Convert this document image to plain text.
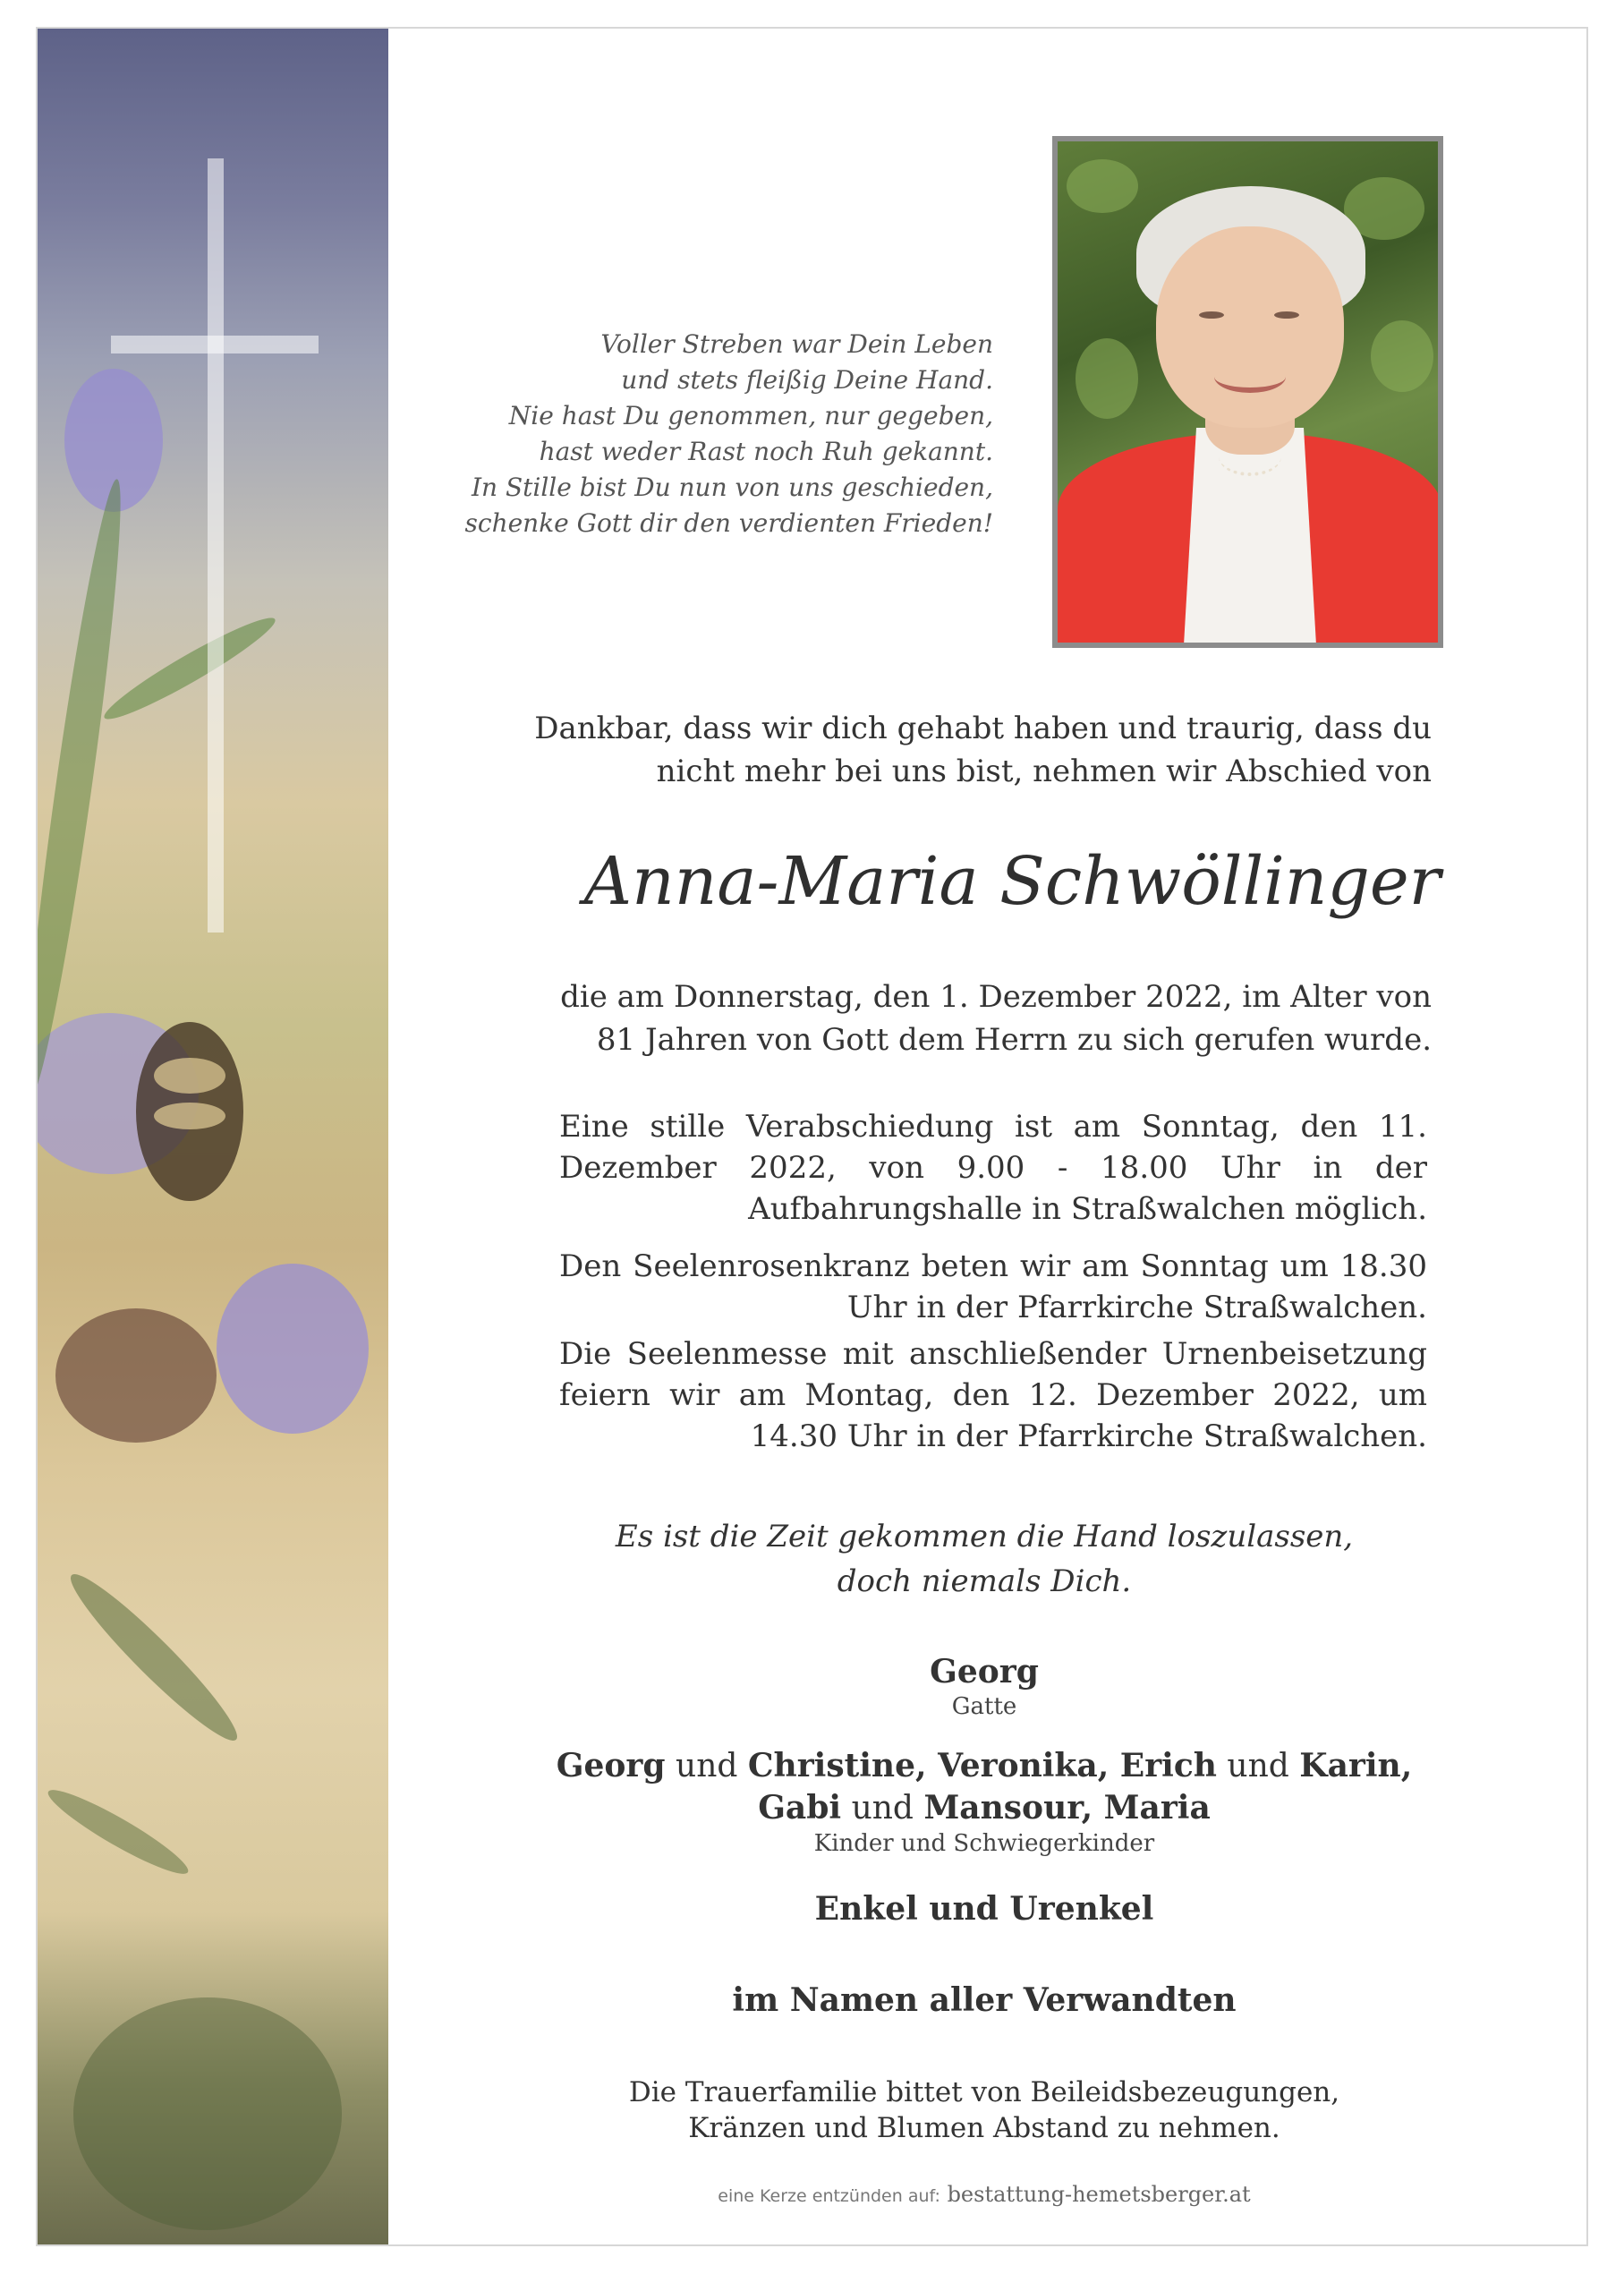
Voller Streben war Dein Leben
und stets fleißig Deine Hand.
Nie hast Du genommen, nur gegeben,
hast weder Rast noch Ruh gekannt.
In Stille bist Du nun von uns geschieden,
schenke Gott dir den verdienten Frieden!
Dankbar, dass wir dich gehabt haben und traurig, dass du
nicht mehr bei uns bist, nehmen wir Abschied von
Anna-Maria Schwöllinger
die am Donnerstag, den 1. Dezember 2022, im Alter von
81 Jahren von Gott dem Herrn zu sich gerufen wurde.
Eine stille Verabschiedung ist am Sonntag, den 11. Dezember 2022, von 9.00 - 18.00 Uhr in der Aufbahrungshalle in Straßwalchen möglich.
Den Seelenrosenkranz beten wir am Sonntag um 18.30 Uhr in der Pfarrkirche Straßwalchen.
Die Seelenmesse mit anschließender Urnenbeisetzung feiern wir am Montag, den 12. Dezember 2022, um 14.30 Uhr in der Pfarrkirche Straßwalchen.
Es ist die Zeit gekommen die Hand loszulassen,
doch niemals Dich.
Georg
Gatte
Georg und Christine, Veronika, Erich und Karin,
Gabi und Mansour, Maria
Kinder und Schwiegerkinder
Enkel und Urenkel
im Namen aller Verwandten
Die Trauerfamilie bittet von Beileidsbezeugungen,
Kränzen und Blumen Abstand zu nehmen.
eine Kerze entzünden auf: bestattung-hemetsberger.at
